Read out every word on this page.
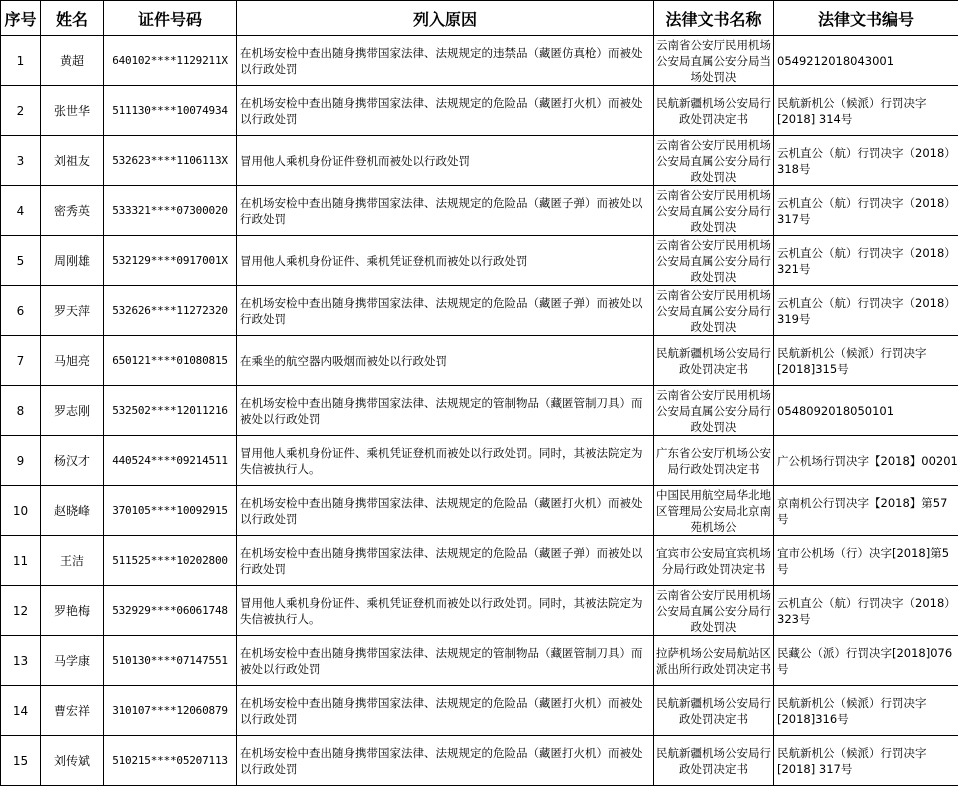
序号	姓名	证件号码	列入原因	法律文书名称	法律文书编号
1	黄超	640102****1129211X	在机场安检中查出随身携带国家法律、法规规定的违禁品（藏匿仿真枪）而被处以行政处罚	云南省公安厅民用机场公安局直属公安分局当场处罚决	0549212018043001
2	张世华	511130****10074934	在机场安检中查出随身携带国家法律、法规规定的危险品（藏匿打火机）而被处以行政处罚	民航新疆机场公安局行政处罚决定书	民航新机公（候派）行罚决字[2018] 314号
3	刘祖友	532623****1106113X	冒用他人乘机身份证件登机而被处以行政处罚	云南省公安厅民用机场公安局直属公安分局行政处罚决	云机直公（航）行罚决字（2018）318号
4	密秀英	533321****07300020	在机场安检中查出随身携带国家法律、法规规定的危险品（藏匿子弹）而被处以行政处罚	云南省公安厅民用机场公安局直属公安分局行政处罚决	云机直公（航）行罚决字（2018）317号
5	周刚雄	532129****0917001X	冒用他人乘机身份证件、乘机凭证登机而被处以行政处罚	云南省公安厅民用机场公安局直属公安分局行政处罚决	云机直公（航）行罚决字（2018）321号
6	罗天萍	532626****11272320	在机场安检中查出随身携带国家法律、法规规定的危险品（藏匿子弹）而被处以行政处罚	云南省公安厅民用机场公安局直属公安分局行政处罚决	云机直公（航）行罚决字（2018）319号
7	马旭亮	650121****01080815	在乘坐的航空器内吸烟而被处以行政处罚	民航新疆机场公安局行政处罚决定书	民航新机公（候派）行罚决字[2018]315号
8	罗志刚	532502****12011216	在机场安检中查出随身携带国家法律、法规规定的管制物品（藏匿管制刀具）而被处以行政处罚	云南省公安厅民用机场公安局直属公安分局行政处罚决	0548092018050101
9	杨汉才	440524****09214511	冒用他人乘机身份证件、乘机凭证登机而被处以行政处罚。同时，其被法院定为失信被执行人。	广东省公安厅机场公安局行政处罚决定书	广公机场行罚决字【2018】00201
10	赵晓峰	370105****10092915	在机场安检中查出随身携带国家法律、法规规定的危险品（藏匿打火机）而被处以行政处罚	中国民用航空局华北地区管理局公安局北京南苑机场公	京南机公行罚决字【2018】第57号
11	王洁	511525****10202800	在机场安检中查出随身携带国家法律、法规规定的危险品（藏匿子弹）而被处以行政处罚	宜宾市公安局宜宾机场分局行政处罚决定书	宜市公机场（行）决字[2018]第5号
12	罗艳梅	532929****06061748	冒用他人乘机身份证件、乘机凭证登机而被处以行政处罚。同时，其被法院定为失信被执行人。	云南省公安厅民用机场公安局直属公安分局行政处罚决	云机直公（航）行罚决字（2018）323号
13	马学康	510130****07147551	在机场安检中查出随身携带国家法律、法规规定的管制物品（藏匿管制刀具）而被处以行政处罚	拉萨机场公安局航站区派出所行政处罚决定书	民藏公（派）行罚决字[2018]076号
14	曹宏祥	310107****12060879	在机场安检中查出随身携带国家法律、法规规定的危险品（藏匿打火机）而被处以行政处罚	民航新疆机场公安局行政处罚决定书	民航新机公（候派）行罚决字[2018]316号
15	刘传斌	510215****05207113	在机场安检中查出随身携带国家法律、法规规定的危险品（藏匿打火机）而被处以行政处罚	民航新疆机场公安局行政处罚决定书	民航新机公（候派）行罚决字[2018] 317号
